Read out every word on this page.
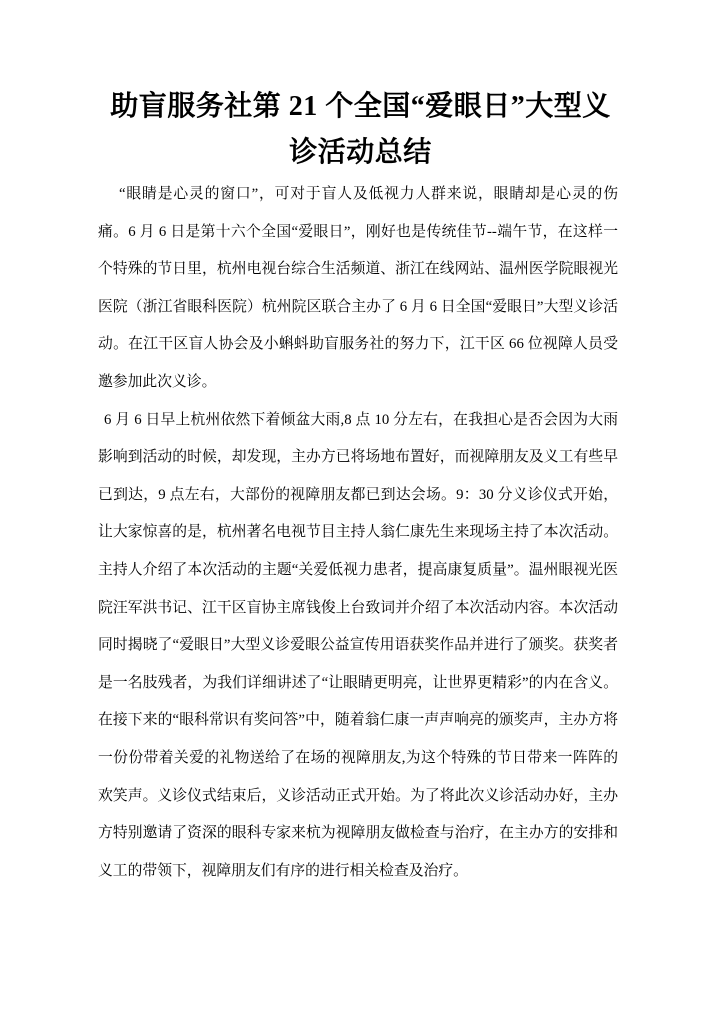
助盲服务社第 21 个全国“爱眼日”大型义诊活动总结

“眼睛是心灵的窗口”，可对于盲人及低视力人群来说，眼睛却是心灵的伤痛。6 月 6 日是第十六个全国“爱眼日”，刚好也是传统佳节--端午节，在这样一个特殊的节日里，杭州电视台综合生活频道、浙江在线网站、温州医学院眼视光医院（浙江省眼科医院）杭州院区联合主办了 6 月 6 日全国“爱眼日”大型义诊活动。在江干区盲人协会及小蝌蚪助盲服务社的努力下，江干区 66 位视障人员受邀参加此次义诊。

6 月 6 日早上杭州依然下着倾盆大雨,8 点 10 分左右，在我担心是否会因为大雨影响到活动的时候，却发现，主办方已将场地布置好，而视障朋友及义工有些早已到达，9 点左右，大部份的视障朋友都已到达会场。9：30 分义诊仪式开始，让大家惊喜的是，杭州著名电视节目主持人翁仁康先生来现场主持了本次活动。主持人介绍了本次活动的主题“关爱低视力患者，提高康复质量”。温州眼视光医院汪军洪书记、江干区盲协主席钱俊上台致词并介绍了本次活动内容。本次活动同时揭晓了“爱眼日”大型义诊爱眼公益宣传用语获奖作品并进行了颁奖。获奖者是一名肢残者，为我们详细讲述了“让眼睛更明亮，让世界更精彩”的内在含义。在接下来的“眼科常识有奖问答”中，随着翁仁康一声声响亮的颁奖声，主办方将一份份带着关爱的礼物送给了在场的视障朋友,为这个特殊的节日带来一阵阵的欢笑声。义诊仪式结束后，义诊活动正式开始。为了将此次义诊活动办好，主办方特别邀请了资深的眼科专家来杭为视障朋友做检查与治疗，在主办方的安排和义工的带领下，视障朋友们有序的进行相关检查及治疗。
